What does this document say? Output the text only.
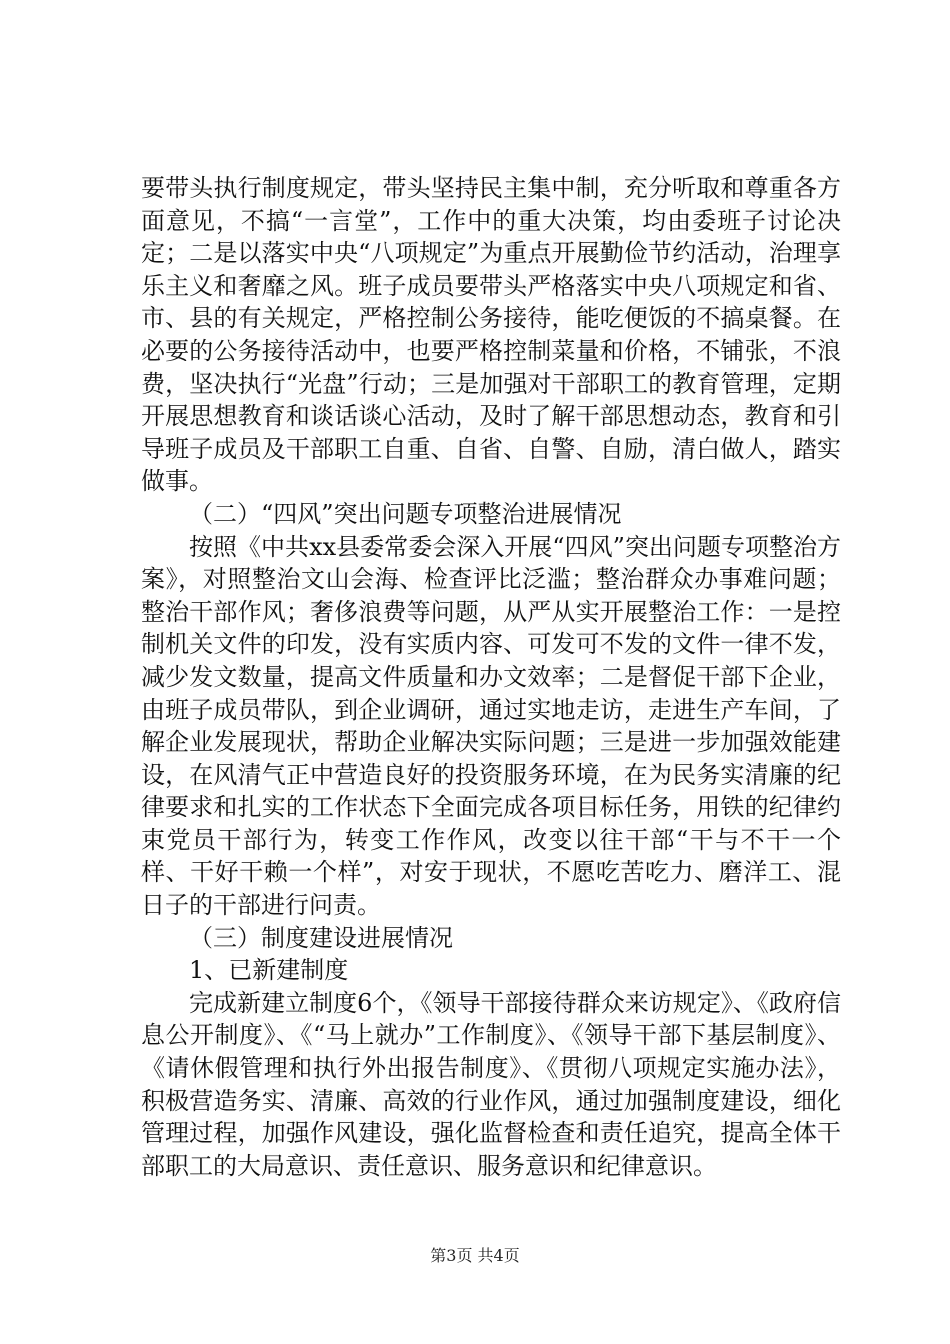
要带头执行制度规定，带头坚持民主集中制，充分听取和尊重各方面意见，不搞“一言堂”，工作中的重大决策，均由委班子讨论决定；二是以落实中央“八项规定”为重点开展勤俭节约活动，治理享乐主义和奢靡之风。班子成员要带头严格落实中央八项规定和省、市、县的有关规定，严格控制公务接待，能吃便饭的不搞桌餐。在必要的公务接待活动中，也要严格控制菜量和价格，不铺张，不浪费，坚决执行“光盘”行动；三是加强对干部职工的教育管理，定期开展思想教育和谈话谈心活动，及时了解干部思想动态，教育和引导班子成员及干部职工自重、自省、自警、自励，清白做人，踏实做事。

（二）“四风”突出问题专项整治进展情况

按照《中共xx县委常委会深入开展“四风”突出问题专项整治方案》，对照整治文山会海、检查评比泛滥；整治群众办事难问题；整治干部作风；奢侈浪费等问题，从严从实开展整治工作：一是控制机关文件的印发，没有实质内容、可发可不发的文件一律不发，减少发文数量，提高文件质量和办文效率；二是督促干部下企业，由班子成员带队，到企业调研，通过实地走访，走进生产车间，了解企业发展现状，帮助企业解决实际问题；三是进一步加强效能建设，在风清气正中营造良好的投资服务环境，在为民务实清廉的纪律要求和扎实的工作状态下全面完成各项目标任务，用铁的纪律约束党员干部行为，转变工作作风，改变以往干部“干与不干一个样、干好干赖一个样”，对安于现状，不愿吃苦吃力、磨洋工、混日子的干部进行问责。

（三）制度建设进展情况

1、已新建制度

完成新建立制度6个，《领导干部接待群众来访规定》、《政府信息公开制度》、《“马上就办”工作制度》、《领导干部下基层制度》、《请休假管理和执行外出报告制度》、《贯彻八项规定实施办法》，积极营造务实、清廉、高效的行业作风，通过加强制度建设，细化管理过程，加强作风建设，强化监督检查和责任追究，提高全体干部职工的大局意识、责任意识、服务意识和纪律意识。

第3页 共4页
